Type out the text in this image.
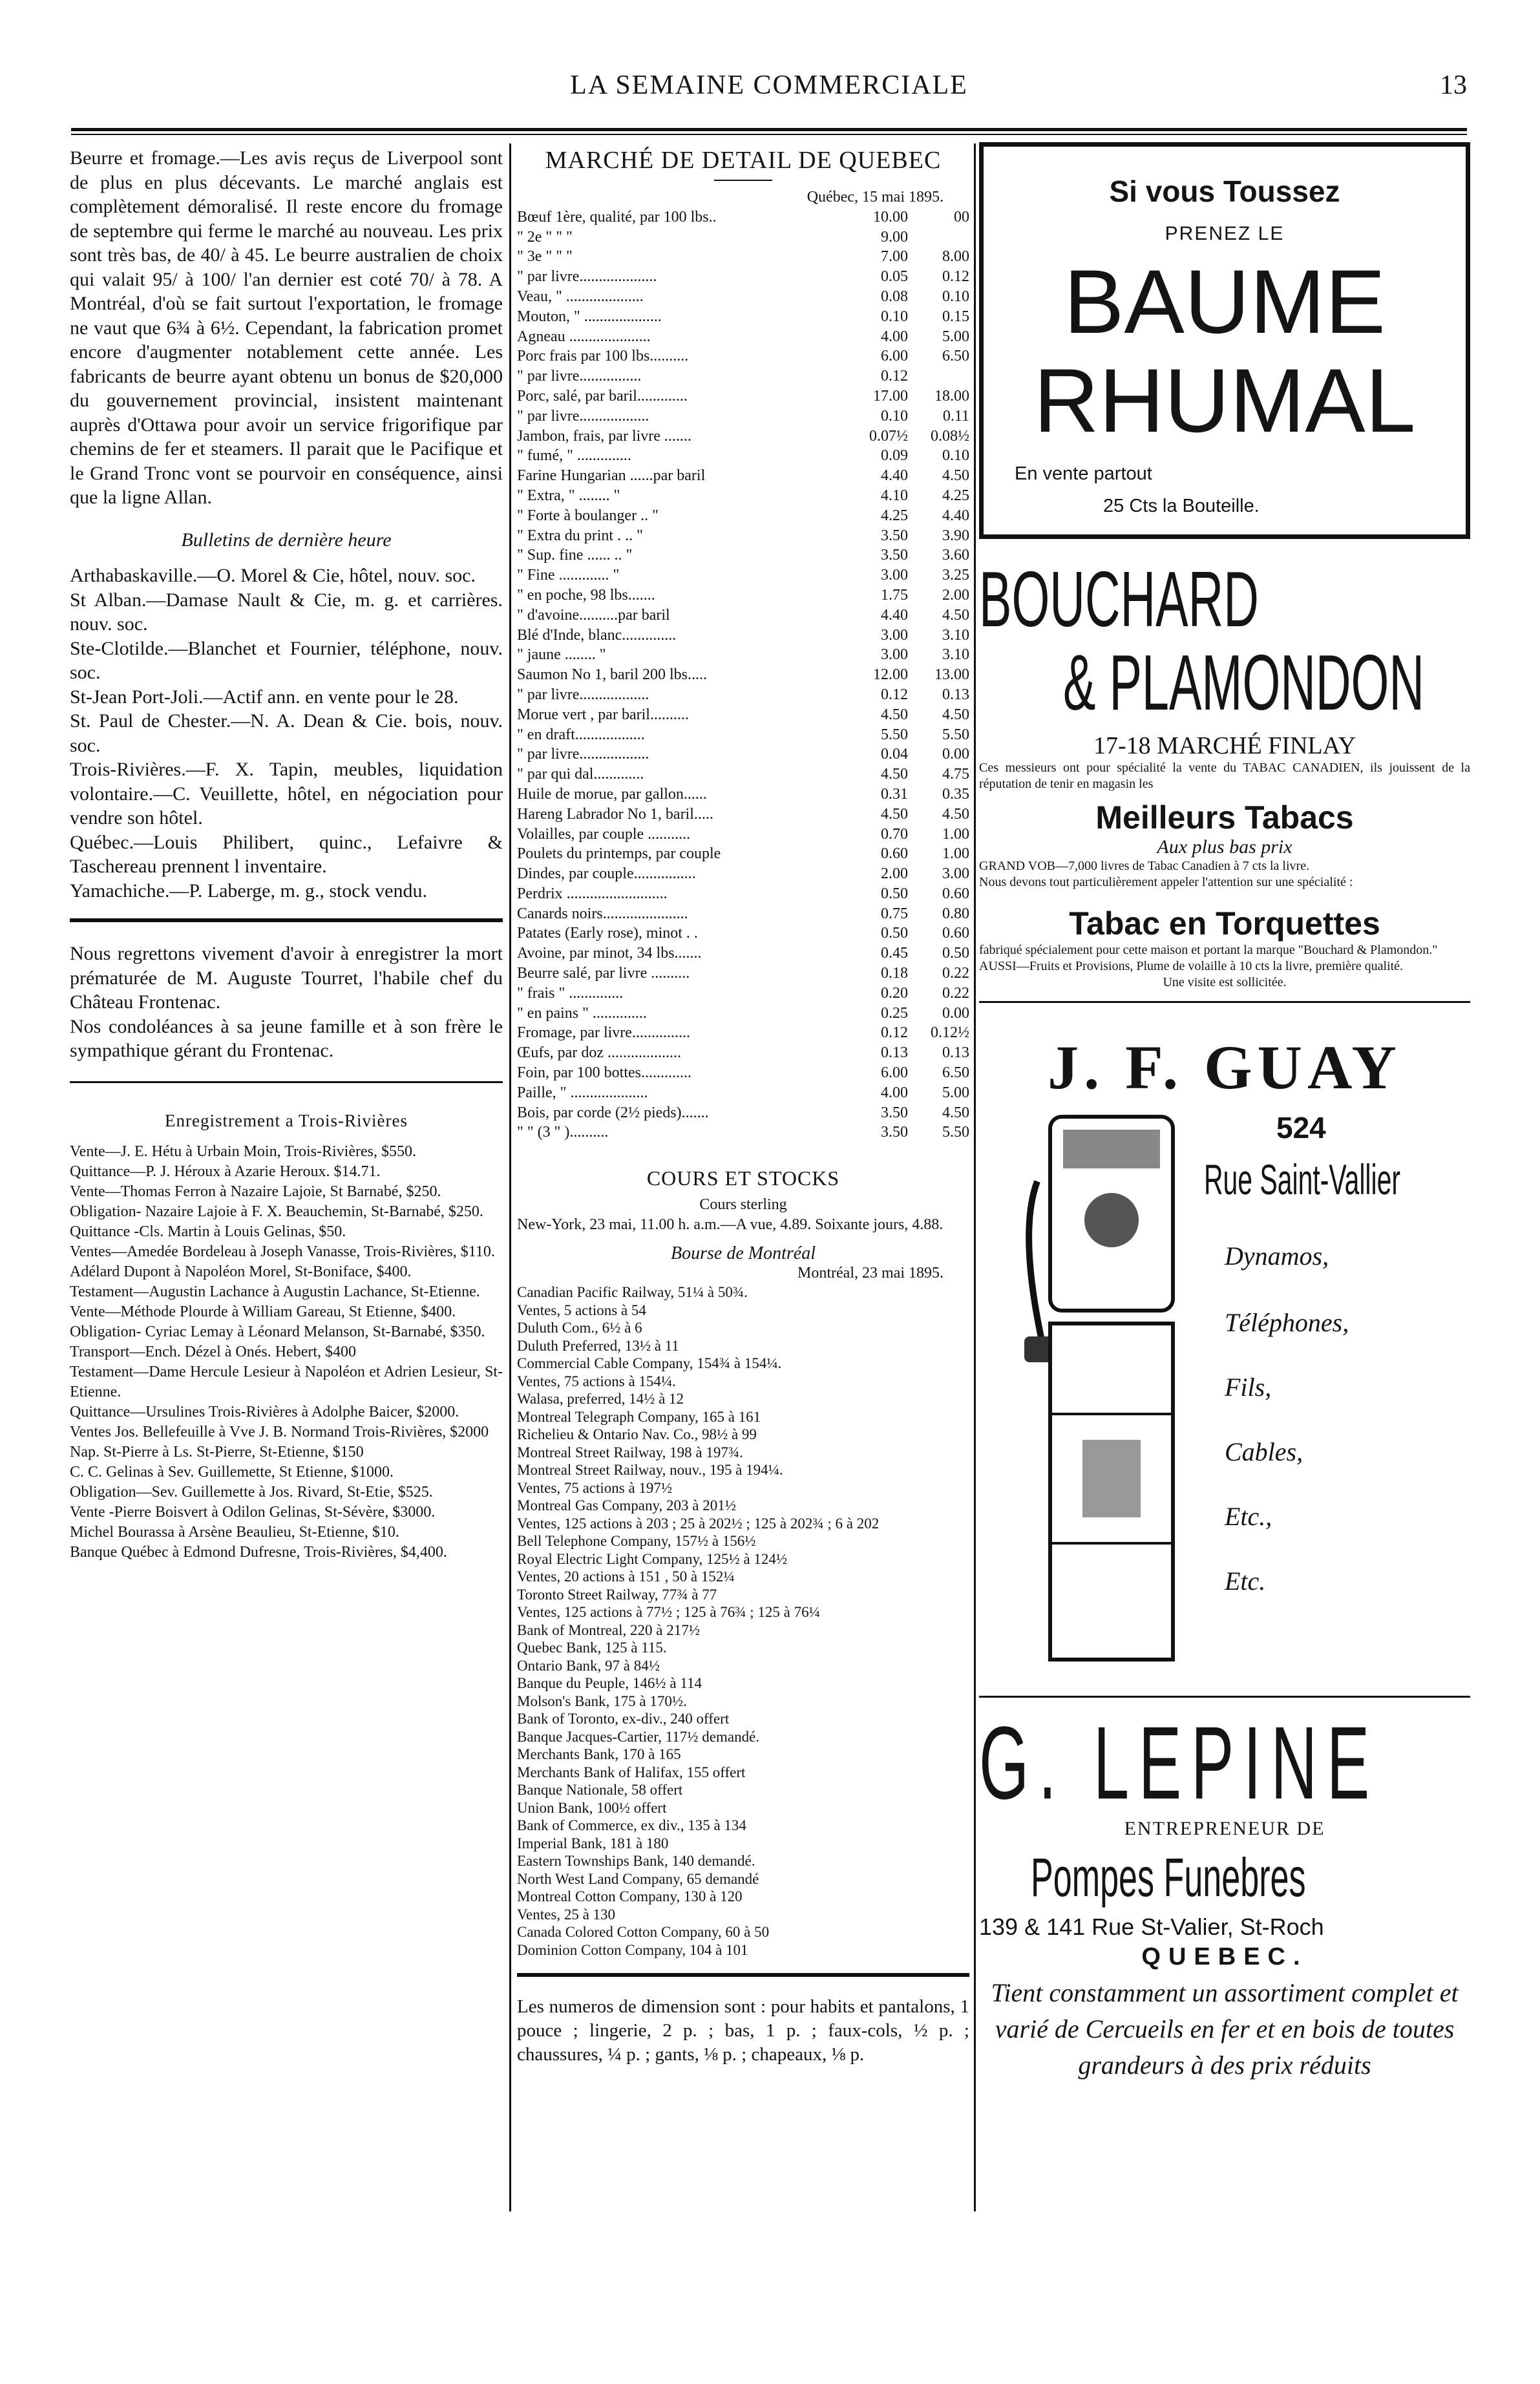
LA SEMAINE COMMERCIALE	13

Beurre et fromage.—Les avis reçus de Liverpool sont de plus en plus décevants. Le marché anglais est complètement démoralisé. Il reste encore du fromage de septembre qui ferme le marché au nouveau. Les prix sont très bas, de 40/ à 45. Le beurre australien de choix qui valait 95/ à 100/ l'an dernier est coté 70/ à 78. A Montréal, d'où se fait surtout l'exportation, le fromage ne vaut que 6¾ à 6½. Cependant, la fabrication promet encore d'augmenter notablement cette année. Les fabricants de beurre ayant obtenu un bonus de $20,000 du gouvernement provincial, insistent maintenant auprès d'Ottawa pour avoir un service frigorifique par chemins de fer et steamers. Il parait que le Pacifique et le Grand Tronc vont se pourvoir en conséquence, ainsi que la ligne Allan.

Bulletins de dernière heure

Arthabaskaville.—O. Morel & Cie, hôtel, nouv. soc.

St Alban.—Damase Nault & Cie, m. g. et carrières. nouv. soc.

Ste-Clotilde.—Blanchet et Fournier, téléphone, nouv. soc.

St-Jean Port-Joli.—Actif ann. en vente pour le 28.

St. Paul de Chester.—N. A. Dean & Cie. bois, nouv. soc.

Trois-Rivières.—F. X. Tapin, meubles, liquidation volontaire.—C. Veuillette, hôtel, en négociation pour vendre son hôtel.

Québec.—Louis Philibert, quinc., Lefaivre & Taschereau prennent l inventaire.

Yamachiche.—P. Laberge, m. g., stock vendu.

Nous regrettons vivement d'avoir à enregistrer la mort prématurée de M. Auguste Tourret, l'habile chef du Château Frontenac.

Nos condoléances à sa jeune famille et à son frère le sympathique gérant du Frontenac.

Enregistrement a Trois-Rivières

Vente—J. E. Hétu à Urbain Moin, Trois-Rivières, $550.

Quittance—P. J. Héroux à Azarie Heroux. $14.71.

Vente—Thomas Ferron à Nazaire Lajoie, St Barnabé, $250.

Obligation- Nazaire Lajoie à F. X. Beauchemin, St-Barnabé, $250.

Quittance -Cls. Martin à Louis Gelinas, $50.

Ventes—Amedée Bordeleau à Joseph Vanasse, Trois-Rivières, $110.

Adélard Dupont à Napoléon Morel, St-Boniface, $400.

Testament—Augustin Lachance à Augustin Lachance, St-Etienne.

Vente—Méthode Plourde à William Gareau, St Etienne, $400.

Obligation- Cyriac Lemay à Léonard Melanson, St-Barnabé, $350.

Transport—Ench. Dézel à Onés. Hebert, $400

Testament—Dame Hercule Lesieur à Napoléon et Adrien Lesieur, St-Etienne.

Quittance—Ursulines Trois-Rivières à Adolphe Baicer, $2000.

Ventes Jos. Bellefeuille à Vve J. B. Normand Trois-Rivières, $2000

Nap. St-Pierre à Ls. St-Pierre, St-Etienne, $150

C. C. Gelinas à Sev. Guillemette, St Etienne, $1000.

Obligation—Sev. Guillemette à Jos. Rivard, St-Etie, $525.

Vente -Pierre Boisvert à Odilon Gelinas, St-Sévère, $3000.

Michel Bourassa à Arsène Beaulieu, St-Etienne, $10.

Banque Québec à Edmond Dufresne, Trois-Rivières, $4,400.

MARCHÉ DE DETAIL DE QUEBEC
Québec, 15 mai 1895.
Bœuf 1ère, qualité, par 100 lbs..	10.00	00
" 2e " " "	9.00
" 3e " " "	7.00	8.00
" par livre....................	0.05	0.12
Veau, " ....................	0.08	0.10
Mouton, " ....................	0.10	0.15
Agneau .....................	4.00	5.00
Porc frais par 100 lbs..........	6.00	6.50
" par livre................	0.12
Porc, salé, par baril.............	17.00	18.00
" par livre..................	0.10	0.11
Jambon, frais, par livre .......	0.07½	0.08½
" fumé, " ..............	0.09	0.10
Farine Hungarian ......par baril	4.40	4.50
" Extra, " ........ "	4.10	4.25
" Forte à boulanger .. "	4.25	4.40
" Extra du print . .. "	3.50	3.90
" Sup. fine ...... .. "	3.50	3.60
" Fine ............. "	3.00	3.25
" en poche, 98 lbs.......	1.75	2.00
" d'avoine..........par baril	4.40	4.50
Blé d'Inde, blanc..............	3.00	3.10
" jaune ........ "	3.00	3.10
Saumon No 1, baril 200 lbs.....	12.00	13.00
" par livre..................	0.12	0.13
Morue vert , par baril..........	4.50	4.50
" en draft..................	5.50	5.50
" par livre..................	0.04	0.00
" par qui dal.............	4.50	4.75
Huile de morue, par gallon......	0.31	0.35
Hareng Labrador No 1, baril.....	4.50	4.50
Volailles, par couple ...........	0.70	1.00
Poulets du printemps, par couple	0.60	1.00
Dindes, par couple................	2.00	3.00
Perdrix ..........................	0.50	0.60
Canards noirs......................	0.75	0.80
Patates (Early rose), minot . .	0.50	0.60
Avoine, par minot, 34 lbs.......	0.45	0.50
Beurre salé, par livre ..........	0.18	0.22
" frais " ..............	0.20	0.22
" en pains " ..............	0.25	0.00
Fromage, par livre...............	0.12	0.12½
Œufs, par doz ...................	0.13	0.13
Foin, par 100 bottes.............	6.00	6.50
Paille, " ....................	4.00	5.00
Bois, par corde (2½ pieds).......	3.50	4.50
" " (3 " )..........	3.50	5.50
COURS ET STOCKS
Cours sterling

New-York, 23 mai, 11.00 h. a.m.—A vue, 4.89. Soixante jours, 4.88.

Bourse de Montréal
Montréal, 23 mai 1895.

Canadian Pacific Railway, 51¼ à 50¾.

Ventes, 5 actions à 54

Duluth Com., 6½ à 6

Duluth Preferred, 13½ à 11

Commercial Cable Company, 154¾ à 154¼.

Ventes, 75 actions à 154¼.

Walasa, preferred, 14½ à 12

Montreal Telegraph Company, 165 à 161

Richelieu & Ontario Nav. Co., 98½ à 99

Montreal Street Railway, 198 à 197¾.

Montreal Street Railway, nouv., 195 à 194¼.

Ventes, 75 actions à 197½

Montreal Gas Company, 203 à 201½

Ventes, 125 actions à 203 ; 25 à 202½ ; 125 à 202¾ ; 6 à 202

Bell Telephone Company, 157½ à 156½

Royal Electric Light Company, 125½ à 124½

Ventes, 20 actions à 151 , 50 à 152¼

Toronto Street Railway, 77¾ à 77

Ventes, 125 actions à 77½ ; 125 à 76¾ ; 125 à 76¼

Bank of Montreal, 220 à 217½

Quebec Bank, 125 à 115.

Ontario Bank, 97 à 84½

Banque du Peuple, 146½ à 114

Molson's Bank, 175 à 170½.

Bank of Toronto, ex-div., 240 offert

Banque Jacques-Cartier, 117½ demandé.

Merchants Bank, 170 à 165

Merchants Bank of Halifax, 155 offert

Banque Nationale, 58 offert

Union Bank, 100½ offert

Bank of Commerce, ex div., 135 à 134

Imperial Bank, 181 à 180

Eastern Townships Bank, 140 demandé.

North West Land Company, 65 demandé

Montreal Cotton Company, 130 à 120

Ventes, 25 à 130

Canada Colored Cotton Company, 60 à 50

Dominion Cotton Company, 104 à 101

Les numeros de dimension sont : pour habits et pantalons, 1 pouce ; lingerie, 2 p. ; bas, 1 p. ; faux-cols, ½ p. ; chaussures, ¼ p. ; gants, ⅛ p. ; chapeaux, ⅛ p.

Si vous Toussez
PRENEZ LE
BAUME
RHUMAL
En vente partout
25 Cts la Bouteille.
BOUCHARD
& PLAMONDON
17-18 MARCHÉ FINLAY

Ces messieurs ont pour spécialité la vente du TABAC CANADIEN, ils jouissent de la réputation de tenir en magasin les

Meilleurs Tabacs
Aux plus bas prix

GRAND VOB—7,000 livres de Tabac Canadien à 7 cts la livre.

Nous devons tout particulièrement appeler l'attention sur une spécialité :

Tabac en Torquettes

fabriqué spécialement pour cette maison et portant la marque "Bouchard & Plamondon."

AUSSI—Fruits et Provisions, Plume de volaille à 10 cts la livre, première qualité.

Une visite est sollicitée.

J. F. GUAY
524
Rue Saint-Vallier
Dynamos,
Téléphones,
Fils,
Cables,
Etc.,
Etc.
G. LEPINE
ENTREPRENEUR DE
Pompes Funebres
139 & 141 Rue St-Valier, St-Roch
QUEBEC.
Tient constamment un assortiment complet et varié de Cercueils en fer et en bois de toutes grandeurs à des prix réduits
